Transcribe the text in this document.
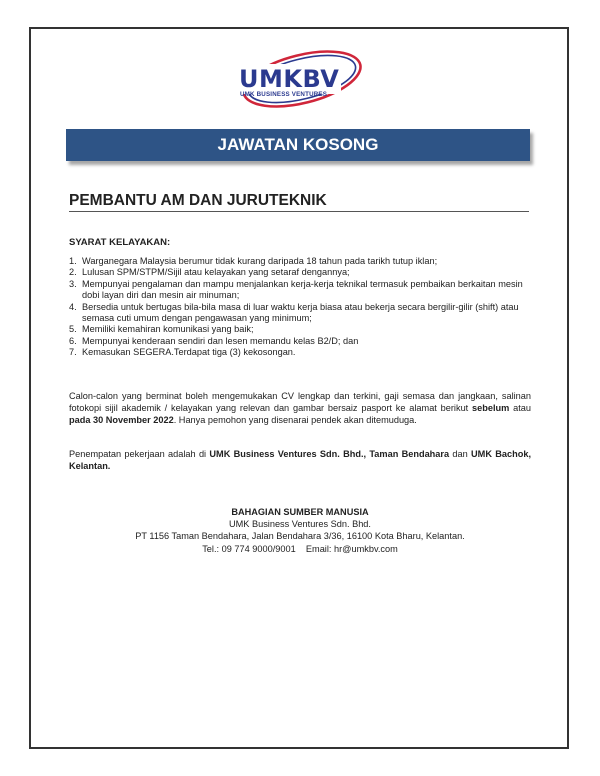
UMKBV
UMK BUSINESS VENTURES
JAWATAN KOSONG
PEMBANTU AM DAN JURUTEKNIK
SYARAT KELAYAKAN:
1. Warganegara Malaysia berumur tidak kurang daripada 18 tahun pada tarikh tutup iklan;
2. Lulusan SPM/STPM/Sijil atau kelayakan yang setaraf dengannya;
3. Mempunyai pengalaman dan mampu menjalankan kerja-kerja teknikal termasuk pembaikan berkaitan mesin dobi layan diri dan mesin air minuman;
4. Bersedia untuk bertugas bila-bila masa di luar waktu kerja biasa atau bekerja secara bergilir-gilir (shift) atau semasa cuti umum dengan pengawasan yang minimum;
5. Memiliki kemahiran komunikasi yang baik;
6. Mempunyai kenderaan sendiri dan lesen memandu kelas B2/D; dan
7. Kemasukan SEGERA.Terdapat tiga (3) kekosongan.

Calon-calon yang berminat boleh mengemukakan CV lengkap dan terkini, gaji semasa dan jangkaan, salinan fotokopi sijil akademik / kelayakan yang relevan dan gambar bersaiz pasport ke alamat berikut sebelum atau pada 30 November 2022. Hanya pemohon yang disenarai pendek akan ditemuduga.

Penempatan pekerjaan adalah di UMK Business Ventures Sdn. Bhd., Taman Bendahara dan UMK Bachok, Kelantan.

BAHAGIAN SUMBER MANUSIA
UMK Business Ventures Sdn. Bhd.
PT 1156 Taman Bendahara, Jalan Bendahara 3/36, 16100 Kota Bharu, Kelantan.
Tel.: 09 774 9000/9001 Email: hr@umkbv.com
